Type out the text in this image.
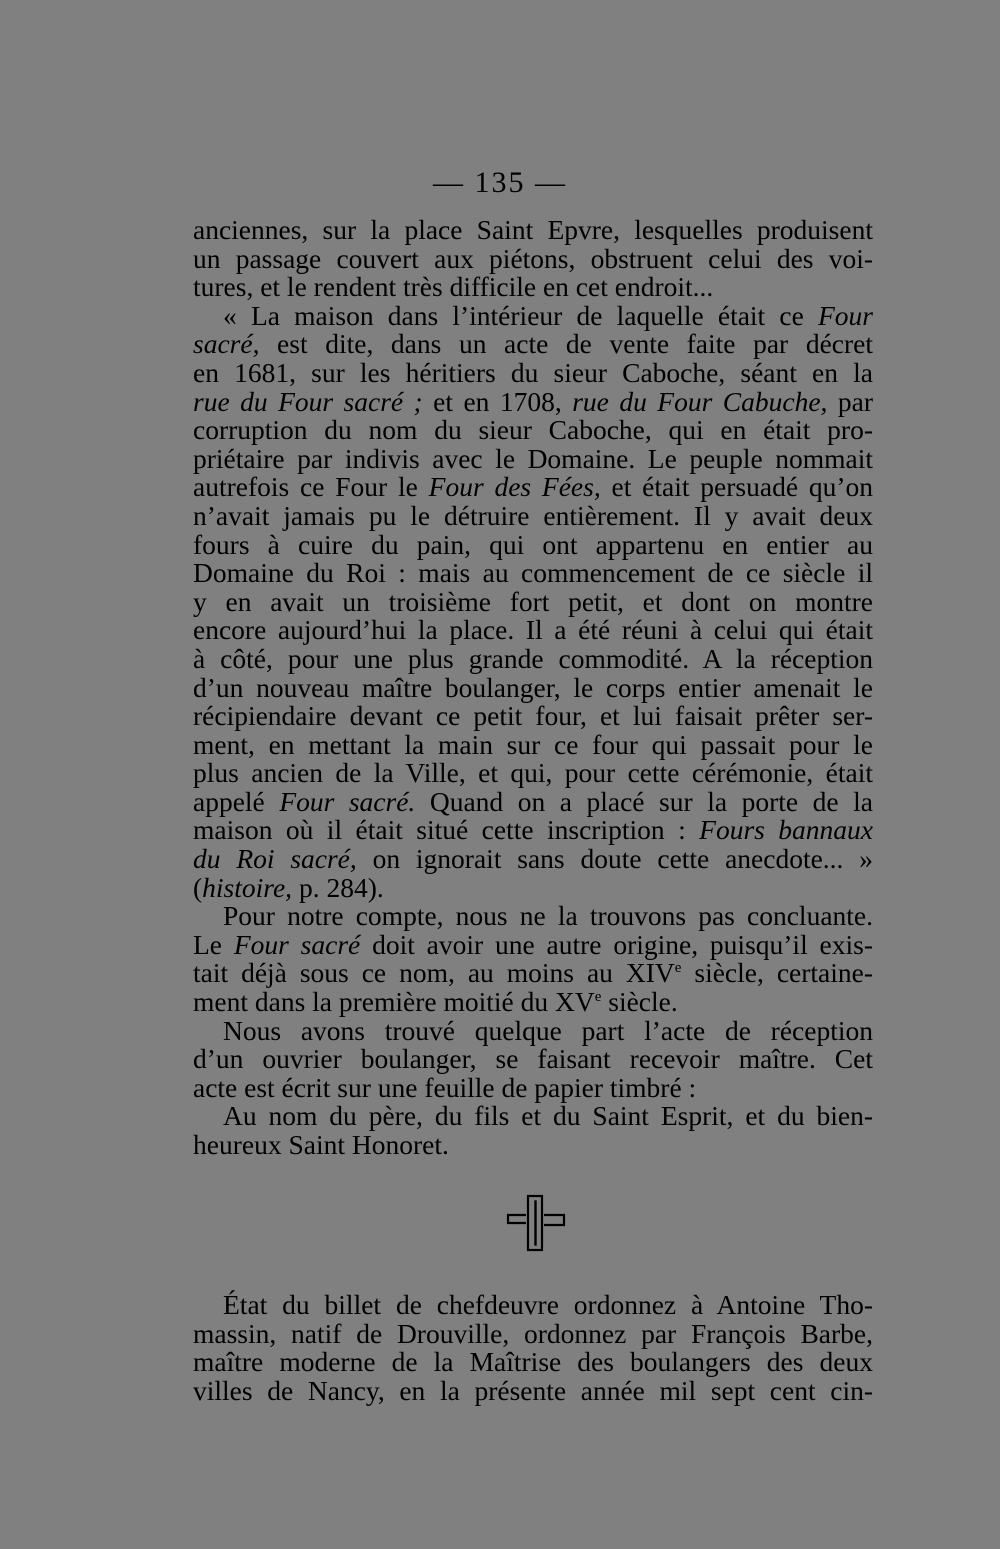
— 135 —
anciennes, sur la place Saint Epvre, lesquelles produisent
un passage couvert aux piétons, obstruent celui des voi-
tures, et le rendent très difficile en cet endroit...
« La maison dans l’intérieur de laquelle était ce Four
sacré, est dite, dans un acte de vente faite par décret
en 1681, sur les héritiers du sieur Caboche, séant en la
rue du Four sacré ; et en 1708, rue du Four Cabuche, par
corruption du nom du sieur Caboche, qui en était pro-
priétaire par indivis avec le Domaine. Le peuple nommait
autrefois ce Four le Four des Fées, et était persuadé qu’on
n’avait jamais pu le détruire entièrement. Il y avait deux
fours à cuire du pain, qui ont appartenu en entier au
Domaine du Roi : mais au commencement de ce siècle il
y en avait un troisième fort petit, et dont on montre
encore aujourd’hui la place. Il a été réuni à celui qui était
à côté, pour une plus grande commodité. A la réception
d’un nouveau maître boulanger, le corps entier amenait le
récipiendaire devant ce petit four, et lui faisait prêter ser-
ment, en mettant la main sur ce four qui passait pour le
plus ancien de la Ville, et qui, pour cette cérémonie, était
appelé Four sacré. Quand on a placé sur la porte de la
maison où il était situé cette inscription : Fours bannaux
du Roi sacré, on ignorait sans doute cette anecdote... »
(histoire, p. 284).
Pour notre compte, nous ne la trouvons pas concluante.
Le Four sacré doit avoir une autre origine, puisqu’il exis-
tait déjà sous ce nom, au moins au XIVe siècle, certaine-
ment dans la première moitié du XVe siècle.
Nous avons trouvé quelque part l’acte de réception
d’un ouvrier boulanger, se faisant recevoir maître. Cet
acte est écrit sur une feuille de papier timbré :
Au nom du père, du fils et du Saint Esprit, et du bien-
heureux Saint Honoret.
État du billet de chefdeuvre ordonnez à Antoine Tho-
massin, natif de Drouville, ordonnez par François Barbe,
maître moderne de la Maîtrise des boulangers des deux
villes de Nancy, en la présente année mil sept cent cin-
